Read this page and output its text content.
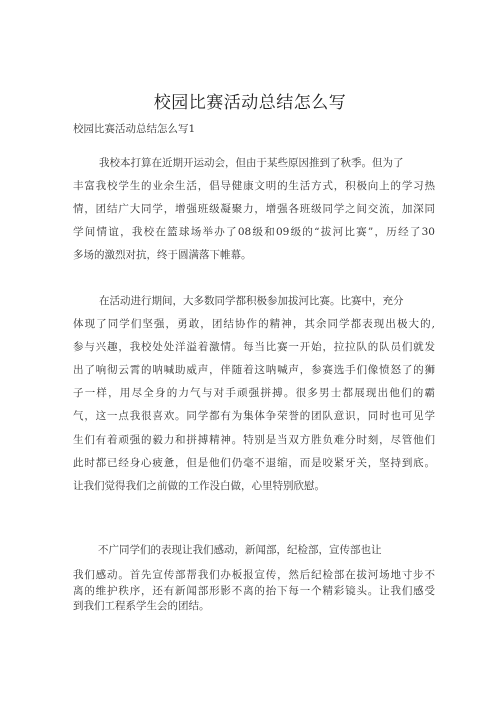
校园比赛活动总结怎么写
校园比赛活动总结怎么写1
我校本打算在近期开运动会，但由于某些原因推到了秋季。但为了
丰富我校学生的业余生活，倡导健康文明的生活方式，积极向上的学习热
情，团结广大同学，增强班级凝聚力，增强各班级同学之间交流，加深同
学间情谊，我校在篮球场举办了08级和09级的“拔河比赛”，历经了30
多场的激烈对抗，终于圆满落下帷幕。
在活动进行期间，大多数同学都积极参加拔河比赛。比赛中，充分
体现了同学们坚强，勇敢，团结协作的精神，其余同学都表现出极大的,
参与兴趣，我校处处洋溢着激情。每当比赛一开始，拉拉队的队员们就发
出了响彻云霄的呐喊助威声，伴随着这呐喊声，参赛选手们像愤怒了的狮
子一样，用尽全身的力气与对手顽强拼搏。很多男士都展现出他们的霸
气，这一点我很喜欢。同学都有为集体争荣誉的团队意识，同时也可见学
生们有着顽强的毅力和拼搏精神。特别是当双方胜负难分时刻，尽管他们
此时都已经身心疲惫，但是他们仍毫不退缩，而是咬紧牙关，坚持到底。
让我们觉得我们之前做的工作没白做，心里特别欣慰。
不广同学们的表现让我们感动，新闻部，纪检部，宣传部也让
我们感动。首先宣传部帮我们办板报宣传，然后纪检部在拔河场地寸步不
离的维护秩序，还有新闻部形影不离的抬下每一个精彩镜头。让我们感受
到我们工程系学生会的团结。
